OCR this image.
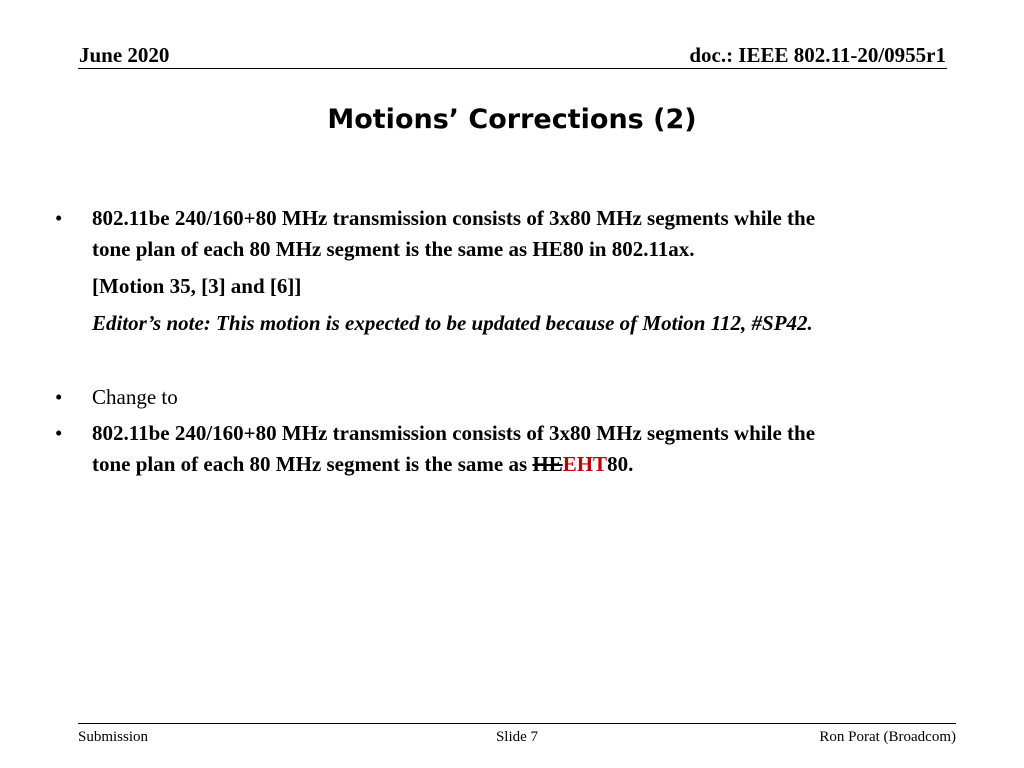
June 2020	doc.: IEEE 802.11-20/0955r1
Motions’ Corrections (2)
• 802.11be 240/160+80 MHz transmission consists of 3x80 MHz segments while the
tone plan of each 80 MHz segment is the same as HE80 in 802.11ax.
[Motion 35, [3] and [6]]
Editor’s note: This motion is expected to be updated because of Motion 112, #SP42.
• Change to
• 802.11be 240/160+80 MHz transmission consists of 3x80 MHz segments while the
tone plan of each 80 MHz segment is the same as HEEHT80.
Submission	Slide 7	Ron Porat (Broadcom)
